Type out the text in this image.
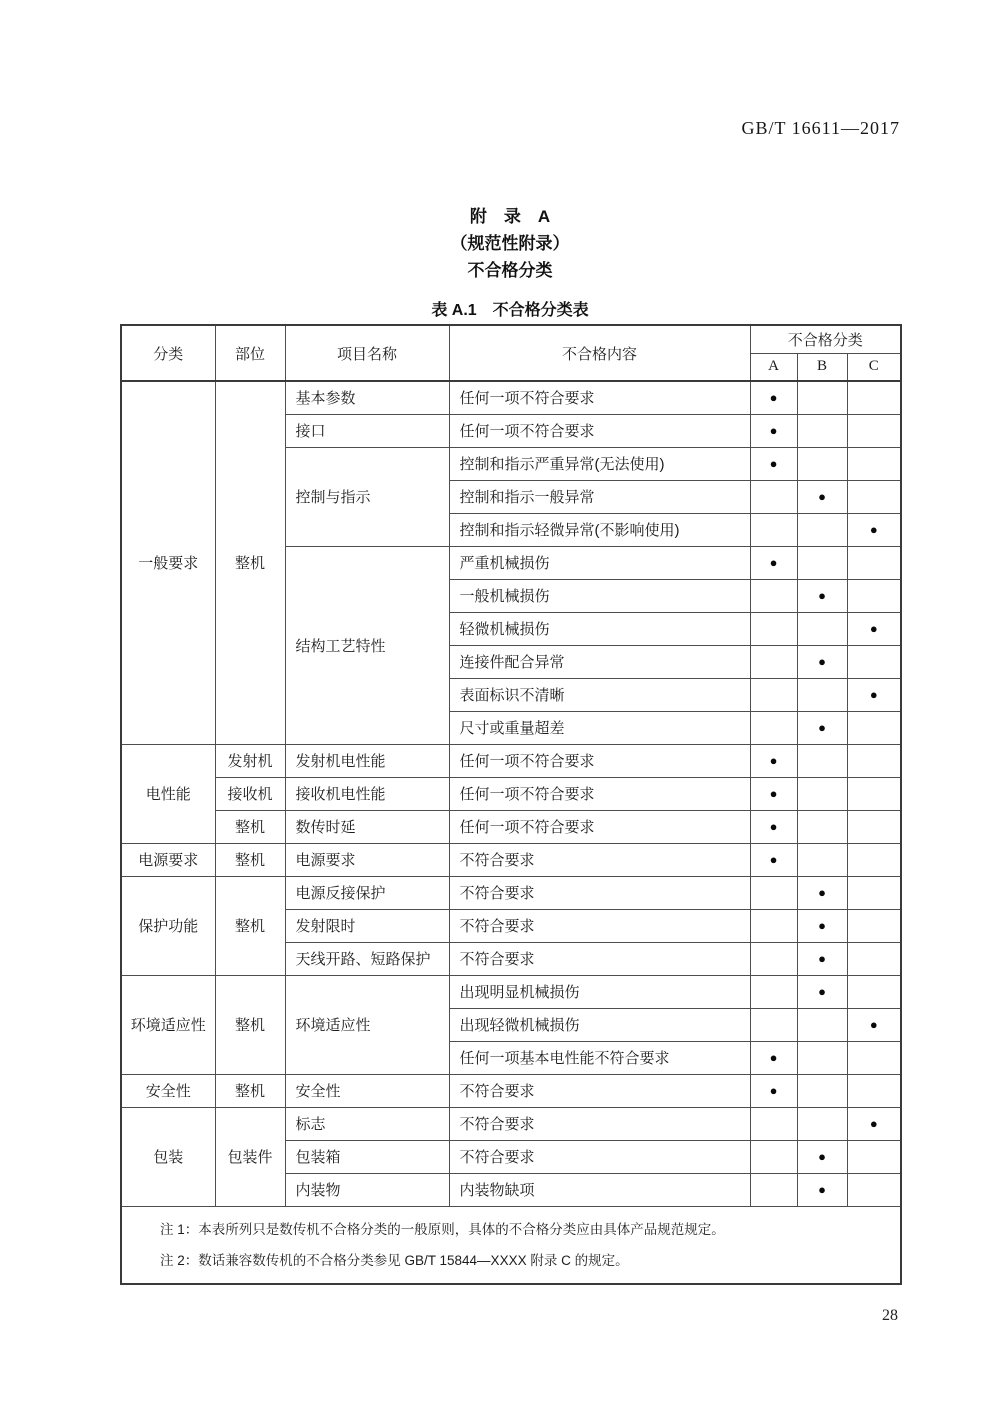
GB/T 16611—2017
附　录　A
（规范性附录）
不合格分类
表 A.1　不合格分类表
分类	部位	项目名称	不合格内容	不合格分类		
				A	B	C
一般要求	整机	基本参数	任何一项不符合要求	●		
		接口	任何一项不符合要求	●		
		控制与指示	控制和指示严重异常(无法使用)	●		
			控制和指示一般异常		●	
			控制和指示轻微异常(不影响使用)			●
		结构工艺特性	严重机械损伤	●		
			一般机械损伤		●	
			轻微机械损伤			●
			连接件配合异常		●	
			表面标识不清晰			●
			尺寸或重量超差		●	
电性能	发射机	发射机电性能	任何一项不符合要求	●		
	接收机	接收机电性能	任何一项不符合要求	●		
	整机	数传时延	任何一项不符合要求	●		
电源要求	整机	电源要求	不符合要求	●		
保护功能	整机	电源反接保护	不符合要求		●	
		发射限时	不符合要求		●	
		天线开路、短路保护	不符合要求		●	
环境适应性	整机	环境适应性	出现明显机械损伤		●	
			出现轻微机械损伤			●
			任何一项基本电性能不符合要求	●		
安全性	整机	安全性	不符合要求	●		
包装	包装件	标志	不符合要求			●
		包装箱	不符合要求		●	
		内装物	内装物缺项		●	

注 1：本表所列只是数传机不合格分类的一般原则，具体的不合格分类应由具体产品规范规定。
注 2：数话兼容数传机的不合格分类参见 GB/T 15844—XXXX 附录 C 的规定。						
28
